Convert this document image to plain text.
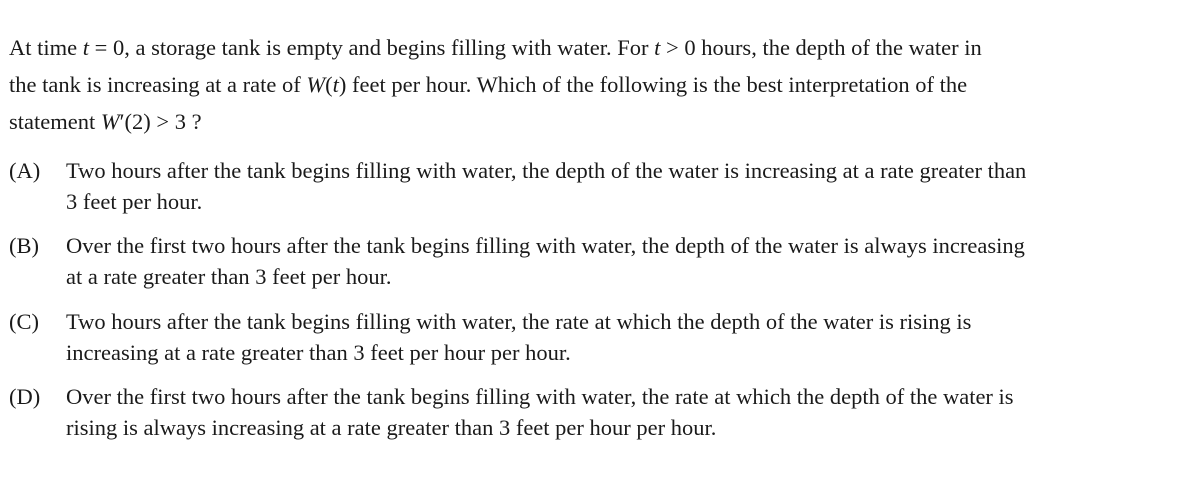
At time t = 0, a storage tank is empty and begins filling with water. For t > 0 hours, the depth of the water in
the tank is increasing at a rate of W(t) feet per hour. Which of the following is the best interpretation of the
statement W′(2) > 3 ?
(A) Two hours after the tank begins filling with water, the depth of the water is increasing at a rate greater than
3 feet per hour.
(B) Over the first two hours after the tank begins filling with water, the depth of the water is always increasing
at a rate greater than 3 feet per hour.
(C) Two hours after the tank begins filling with water, the rate at which the depth of the water is rising is
increasing at a rate greater than 3 feet per hour per hour.
(D) Over the first two hours after the tank begins filling with water, the rate at which the depth of the water is
rising is always increasing at a rate greater than 3 feet per hour per hour.
